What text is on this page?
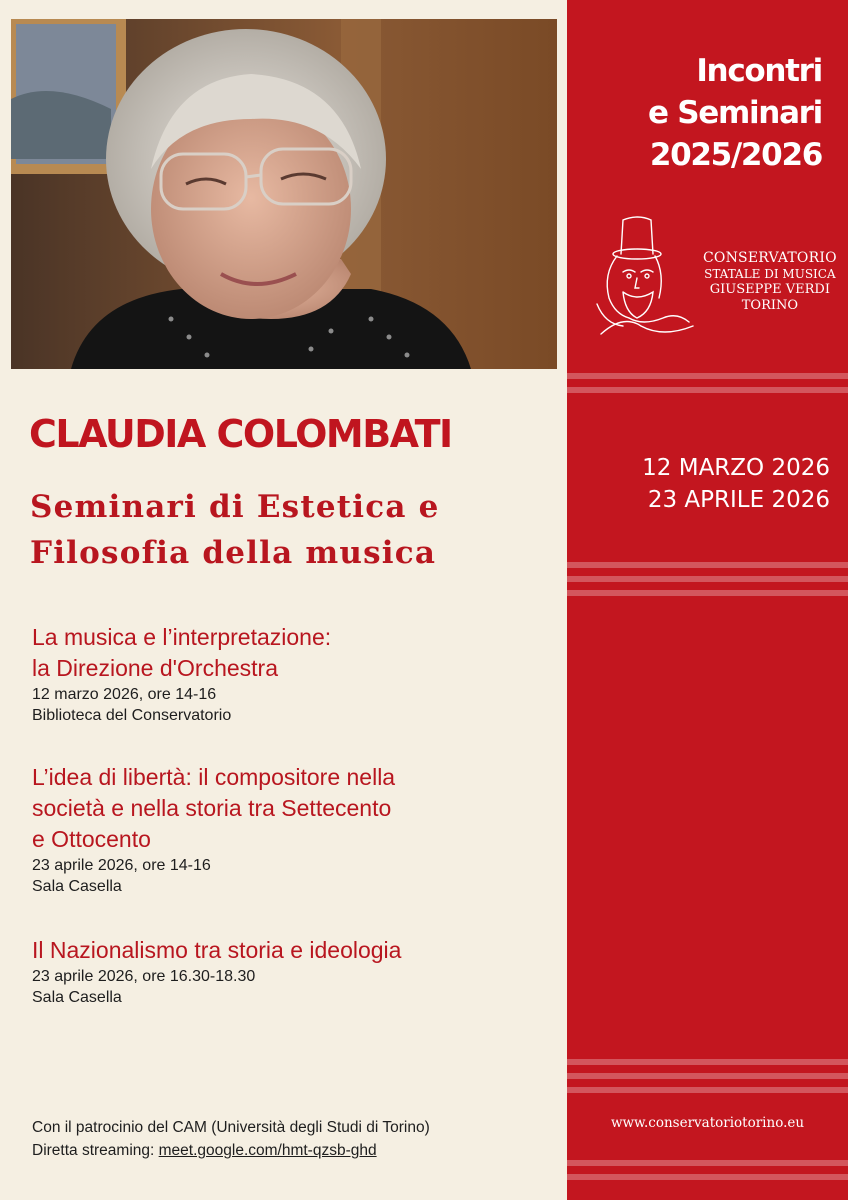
CLAUDIA COLOMBATI
Seminari di Estetica e
Filosofia della musica
La musica e l’interpretazione:
la Direzione d'Orchestra
12 marzo 2026, ore 14-16
Biblioteca del Conservatorio
L’idea di libertà: il compositore nella
società e nella storia tra Settecento
e Ottocento
23 aprile 2026, ore 14-16
Sala Casella
Il Nazionalismo tra storia e ideologia
23 aprile 2026, ore 16.30-18.30
Sala Casella
Con il patrocinio del CAM (Università degli Studi di Torino)
Diretta streaming: meet.google.com/hmt-qzsb-ghd
Incontri
e Seminari
2025/2026
CONSERVATORIO
STATALE DI MUSICA
GIUSEPPE VERDI
TORINO
12 MARZO 2026
23 APRILE 2026
www.conservatoriotorino.eu
